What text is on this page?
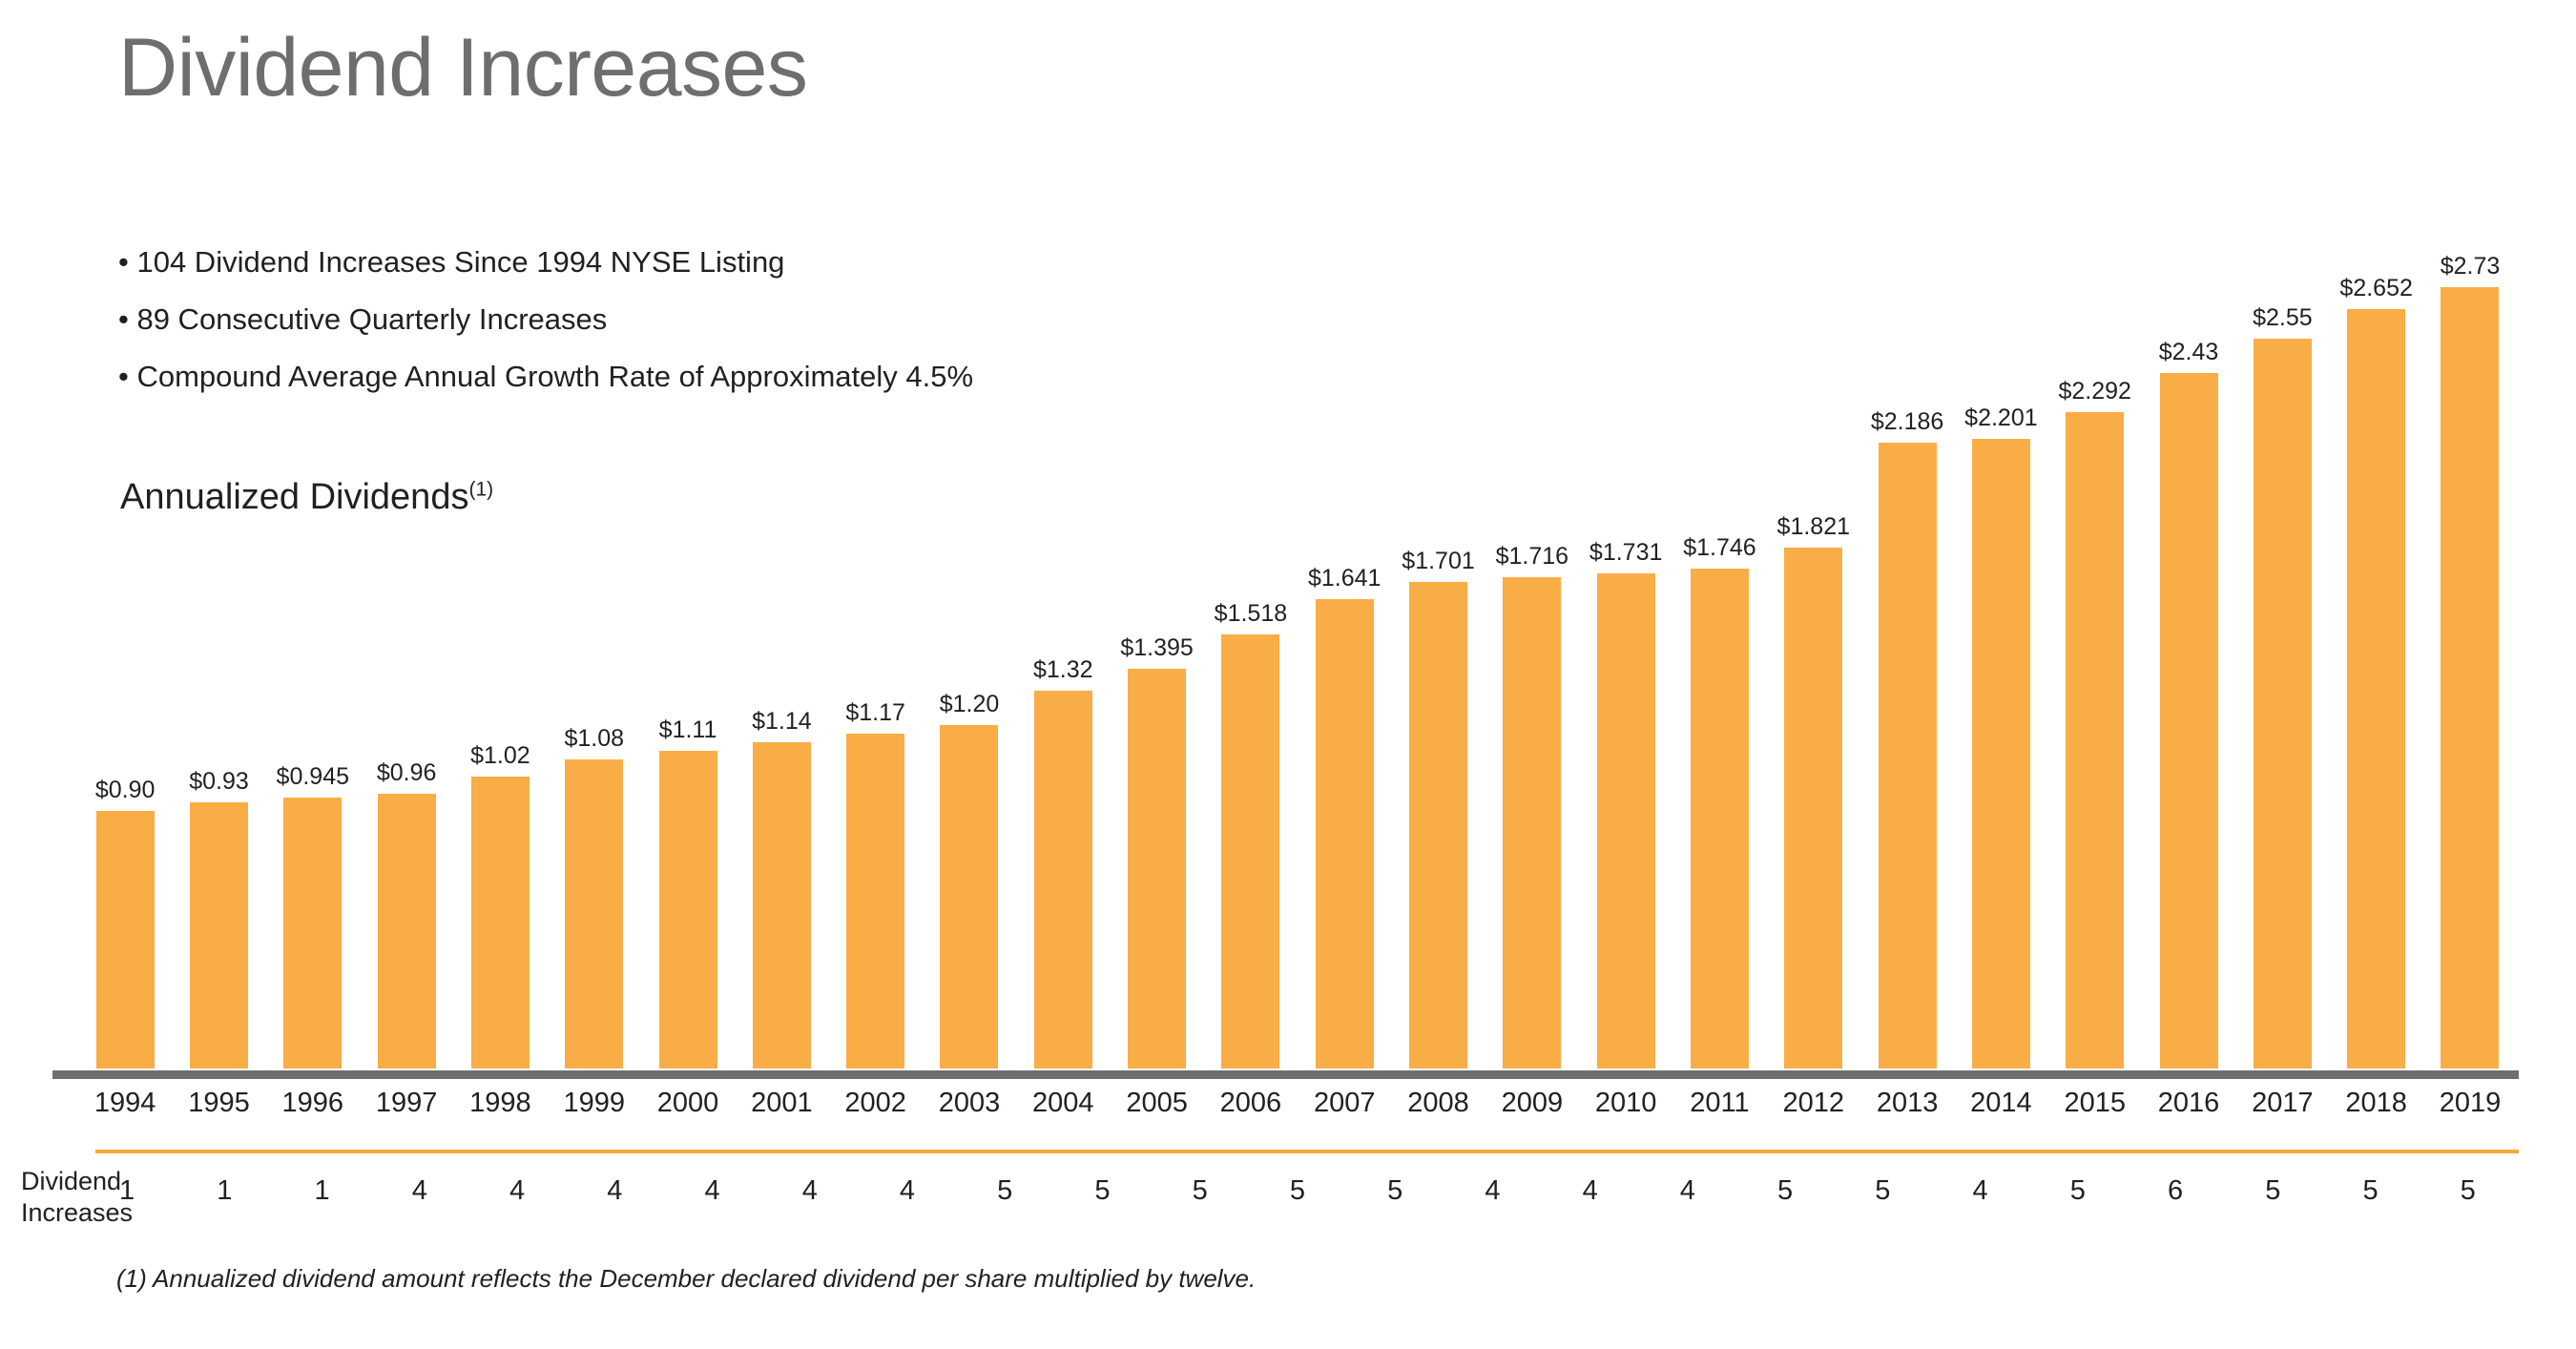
Dividend Increases
• 104 Dividend Increases Since 1994 NYSE Listing
• 89 Consecutive Quarterly Increases
• Compound Average Annual Growth Rate of Approximately 4.5%
Annualized Dividends$^{(1)}$
$0.90 $0.93 $0.945 $0.96
$1.02
$1.08 $1.11 $1.14 $1.17 $1.20
$1.32
$1.395
$1.518
$1.641
$1.701 $1.716 $1.731 $1.746
$1.821
$2.186 $2.201
$2.292
$2.43
$2.55
$2.652
$2.73
1994	1995	1996	1997	1998	1999	2000	2001	2002	2003	2004	2005	2006	2007	2008	2009	2010	2011	2012	2013	2014	2015	2016	2017	2018	2019
Dividend
Increases
1	1	1	4	4	4	4	4	4	5	5	5	5	5	4	4	4	5	5	4	5	6	5	5	5
(1) Annualized dividend amount reflects the December declared dividend per share multiplied by twelve.
